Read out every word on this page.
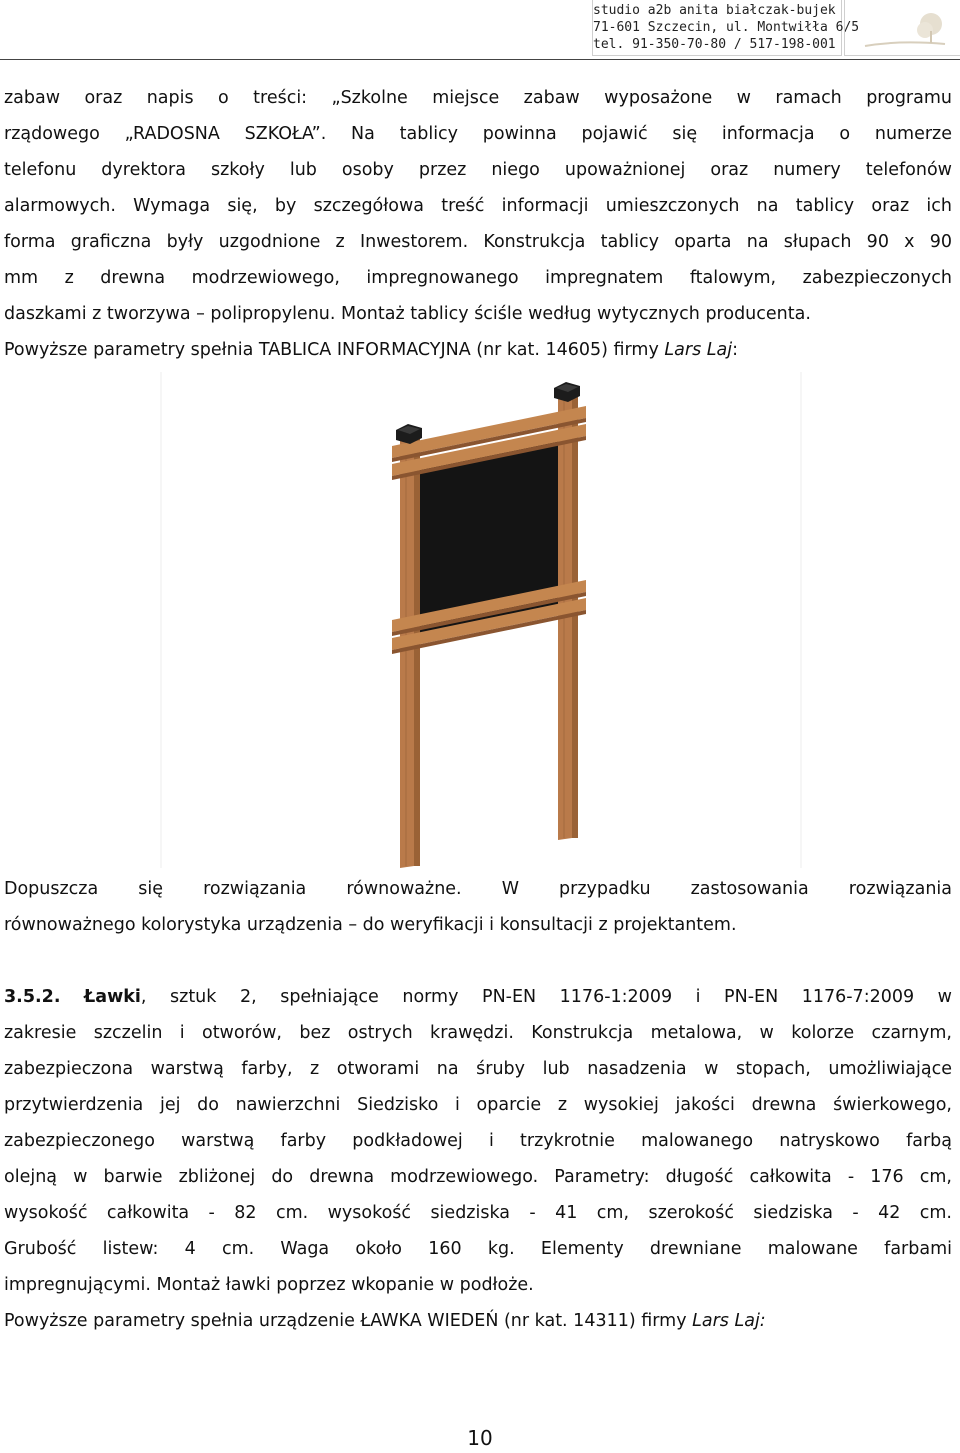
studio a2b anita białczak-bujek
71-601 Szczecin, ul. Montwiłła 6/5
tel. 91-350-70-80 / 517-198-001
zabaw oraz napis o treści: „Szkolne miejsce zabaw wyposażone w ramach programu
rządowego „RADOSNA SZKOŁA”. Na tablicy powinna pojawić się informacja o numerze
telefonu dyrektora szkoły lub osoby przez niego upoważnionej oraz numery telefonów
alarmowych. Wymaga się, by szczegółowa treść informacji umieszczonych na tablicy oraz ich
forma graficzna były uzgodnione z Inwestorem. Konstrukcja tablicy oparta na słupach 90 x 90
mm z drewna modrzewiowego, impregnowanego impregnatem ftalowym, zabezpieczonych
daszkami z tworzywa – polipropylenu. Montaż tablicy ściśle według wytycznych producenta.
Powyższe parametry spełnia TABLICA INFORMACYJNA (nr kat. 14605) firmy Lars Laj:
Dopuszcza się rozwiązania równoważne. W przypadku zastosowania rozwiązania
równoważnego kolorystyka urządzenia – do weryfikacji i konsultacji z projektantem.
3.5.2. Ławki, sztuk 2, spełniające normy PN-EN 1176-1:2009 i PN-EN 1176-7:2009 w
zakresie szczelin i otworów, bez ostrych krawędzi. Konstrukcja metalowa, w kolorze czarnym,
zabezpieczona warstwą farby, z otworami na śruby lub nasadzenia w stopach, umożliwiające
przytwierdzenia jej do nawierzchni Siedzisko i oparcie z wysokiej jakości drewna świerkowego,
zabezpieczonego warstwą farby podkładowej i trzykrotnie malowanego natryskowo farbą
olejną w barwie zbliżonej do drewna modrzewiowego. Parametry: długość całkowita - 176 cm,
wysokość całkowita - 82 cm. wysokość siedziska - 41 cm, szerokość siedziska - 42 cm.
Grubość listew: 4 cm. Waga około 160 kg. Elementy drewniane malowane farbami
impregnującymi. Montaż ławki poprzez wkopanie w podłoże.
Powyższe parametry spełnia urządzenie ŁAWKA WIEDEŃ (nr kat. 14311) firmy Lars Laj:
10
